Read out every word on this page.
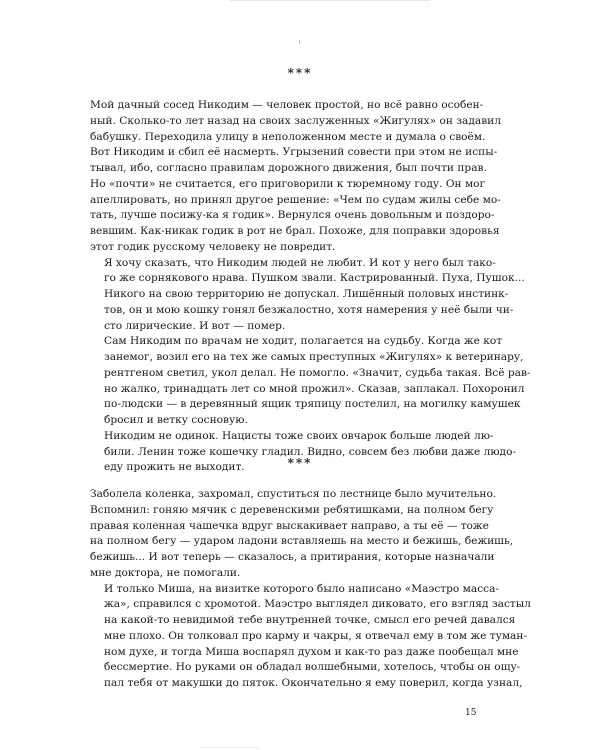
***

Мой дачный сосед Никодим — человек простой, но всё равно особен-
ный. Сколько-то лет назад на своих заслуженных «Жигулях» он задавил
бабушку. Переходила улицу в неположенном месте и думала о своём.
Вот Никодим и сбил её насмерть. Угрызений совести при этом не испы-
тывал, ибо, согласно правилам дорожного движения, был почти прав.
Но «почти» не считается, его приговорили к тюремному году. Он мог
апеллировать, но принял другое решение: «Чем по судам жилы себе мо-
тать, лучше посижу-ка я годик». Вернулся очень довольным и поздоро-
вевшим. Как-никак годик в рот не брал. Похоже, для поправки здоровья
этот годик русскому человеку не повредит.

Я хочу сказать, что Никодим людей не любит. И кот у него был тако-
го же сорнякового нрава. Пушком звали. Кастрированный. Пуха, Пушок...
Никого на свою территорию не допускал. Лишённый половых инстинк-
тов, он и мою кошку гонял безжалостно, хотя намерения у неё были чи-
сто лирические. И вот — помер.

Сам Никодим по врачам не ходит, полагается на судьбу. Когда же кот
занемог, возил его на тех же самых преступных «Жигулях» к ветеринару,
рентгеном светил, укол делал. Не помогло. «Значит, судьба такая. Всё рав-
но жалко, тринадцать лет со мной прожил». Сказав, заплакал. Похоронил
по-людски — в деревянный ящик тряпицу постелил, на могилку камушек
бросил и ветку сосновую.

Никодим не одинок. Нацисты тоже своих овчарок больше людей лю-
били. Ленин тоже кошечку гладил. Видно, совсем без любви даже людо-
еду прожить не выходит.	***

Заболела коленка, захромал, спуститься по лестнице было мучительно.
Вспомнил: гоняю мячик с деревенскими ребятишками, на полном бегу
правая коленная чашечка вдруг выскакивает направо, а ты её — тоже
на полном бегу — ударом ладони вставляешь на место и бежишь, бежишь,
бежишь... И вот теперь — сказалось, а притирания, которые назначали
мне доктора, не помогали.

И только Миша, на визитке которого было написано «Маэстро масса-
жа», справился с хромотой. Маэстро выглядел диковато, его взгляд застыл
на какой-то невидимой тебе внутренней точке, смысл его речей давался
мне плохо. Он толковал про карму и чакры, я отвечал ему в том же туман-
ном духе, и тогда Миша воспарял духом и как-то раз даже пообещал мне
бессмертие. Но руками он обладал волшебными, хотелось, чтобы он ощу-
пал тебя от макушки до пяток. Окончательно я ему поверил, когда узнал,

15
